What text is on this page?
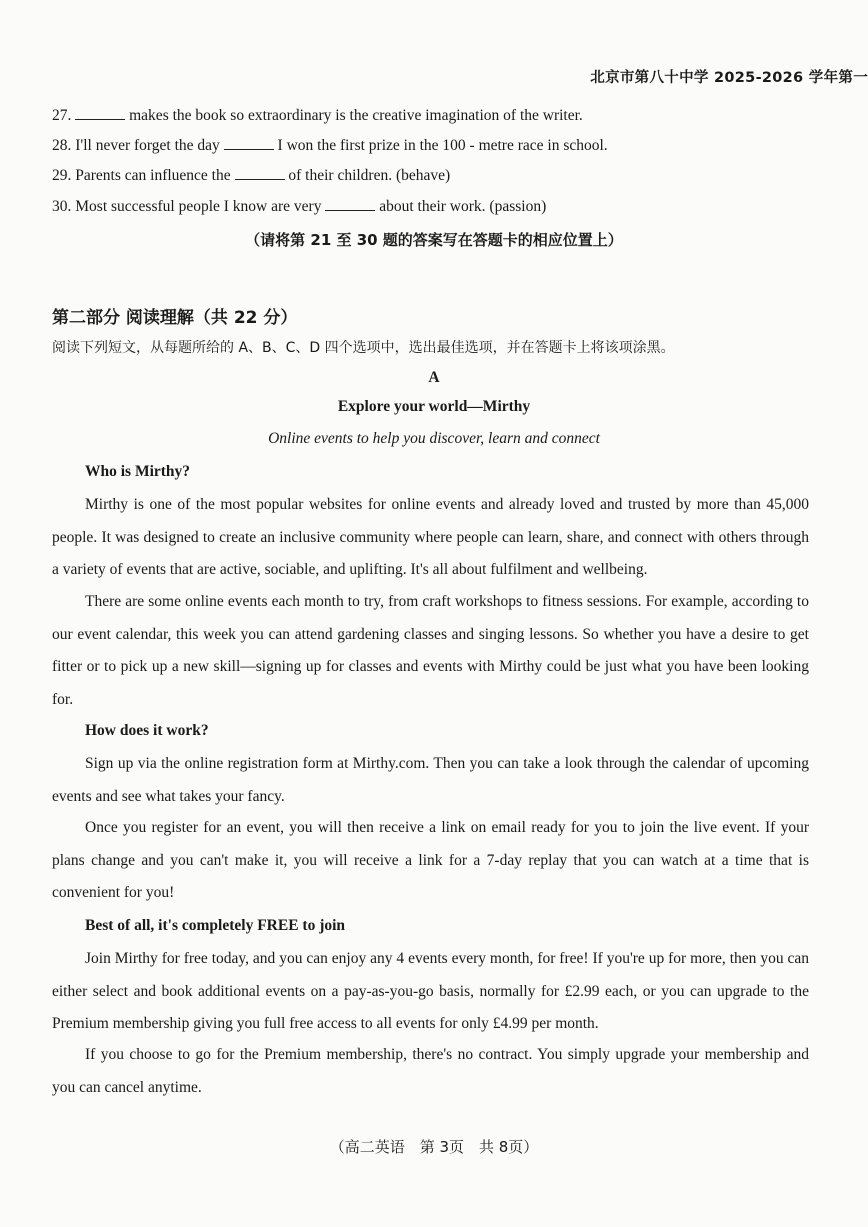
北京市第八十中学 2025-2026 学年第一
27.	makes the book so extraordinary is the creative imagination of the writer.
28. I'll never forget the day	I won the first prize in the 100 - metre race in school.
29. Parents can influence the	of their children. (behave)
30. Most successful people I know are very	about their work. (passion)
（请将第 21 至 30 题的答案写在答题卡的相应位置上）
第二部分 阅读理解（共 22 分）
阅读下列短文，从每题所给的 A、B、C、D 四个选项中，选出最佳选项，并在答题卡上将该项涂黑。
A
Explore your world—Mirthy
Online events to help you discover, learn and connect
Who is Mirthy?

Mirthy is one of the most popular websites for online events and already loved and trusted by more than 45,000 people. It was designed to create an inclusive community where people can learn, share, and connect with others through a variety of events that are active, sociable, and uplifting. It's all about fulfilment and wellbeing.

There are some online events each month to try, from craft workshops to fitness sessions. For example, according to our event calendar, this week you can attend gardening classes and singing lessons. So whether you have a desire to get fitter or to pick up a new skill—signing up for classes and events with Mirthy could be just what you have been looking for.

How does it work?

Sign up via the online registration form at Mirthy.com. Then you can take a look through the calendar of upcoming events and see what takes your fancy.

Once you register for an event, you will then receive a link on email ready for you to join the live event. If your plans change and you can't make it, you will receive a link for a 7-day replay that you can watch at a time that is convenient for you!

Best of all, it's completely FREE to join

Join Mirthy for free today, and you can enjoy any 4 events every month, for free! If you're up for more, then you can either select and book additional events on a pay-as-you-go basis, normally for £2.99 each, or you can upgrade to the Premium membership giving you full free access to all events for only £4.99 per month.

If you choose to go for the Premium membership, there's no contract. You simply upgrade your membership and you can cancel anytime.

（高二英语　第 3页　共 8页）
